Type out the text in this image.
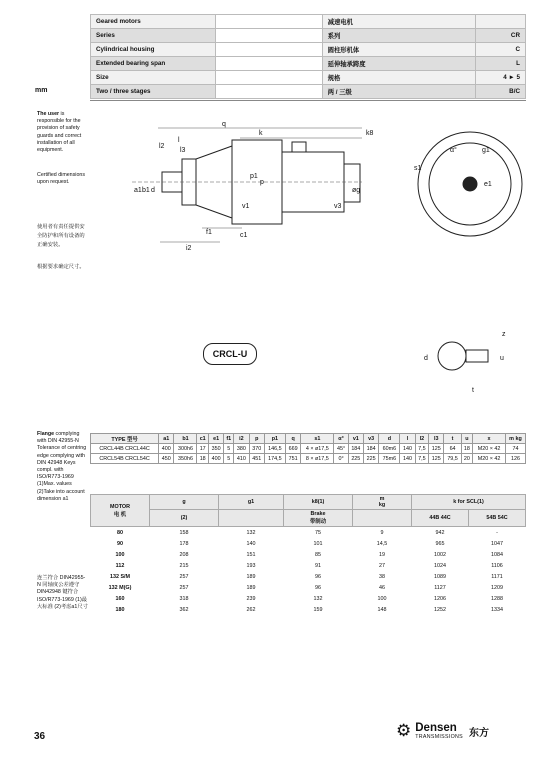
Geared motors		减速电机	
Series		系列	CR
Cylindrical housing		圆柱形机体	C
Extended bearing span		延伸轴承跨度	L
Size		规格	4 ► 5
Two / three stages		两 / 三级	B/C
mm
The user is responsible for the provision of safety guards and correct installation of all equipment.
Certified dimensions upon request.
使用者有责任提供安全防护和所有设备的正确安装。
根据要求确定尺寸。
Flange complying with DIN 42955-N Tolerance of centring edge complying with DIN 42948 Keys compl. with ISO/R773-1969 (1)Max. values (2)Take into account dimension a1
连兰符合 DIN42955-N 同轴度公差遵守 DIN42948 键符合 ISO/R773-1969 (1)最大标准 (2)考虑a1尺寸
q
k
l2
l
l3
k8
p1
p
a1 b1 d
v1	v3
øg
f1	c1
i2
α°	g1
s1
e1
CRCL-U
z
d	u
t
TYPE 型号	a1	b1	c1	e1	f1	i2	p	p1	q	s1	α°	v1	v3	d	l	l2	l3	t	u	x	m kg
CRCL44B CRCL44C	400	300h6	17	350	5	380	370	146,5	669	4 × ø17,5	45°	184	184	60m6	140	7,5	125	64	18	M20 × 42	74
CRCL54B CRCL54C	450	350h6	18	400	5	410	451	174,5	751	8 × ø17,5	0°	225	225	75m6	140	7,5	125	79,5	20	M20 × 42	126
MOTOR
电 机	g	g1	k8(1)	m
kg	k for SCL(1)	
	(2)		Brake
带制动		44B 44C	54B 54C
80	158	132	75	9	942	-
90	178	140	101	14,5	965	1047
100	208	151	85	19	1002	1084
112	215	193	91	27	1024	1106
132 S/M	257	189	96	38	1089	1171
132 M(G)	257	189	96	46	1127	1209
160	318	239	132	100	1206	1288
180	362	262	159	148	1252	1334
36	⚙ Densen
TRANSMISSIONS 东方
